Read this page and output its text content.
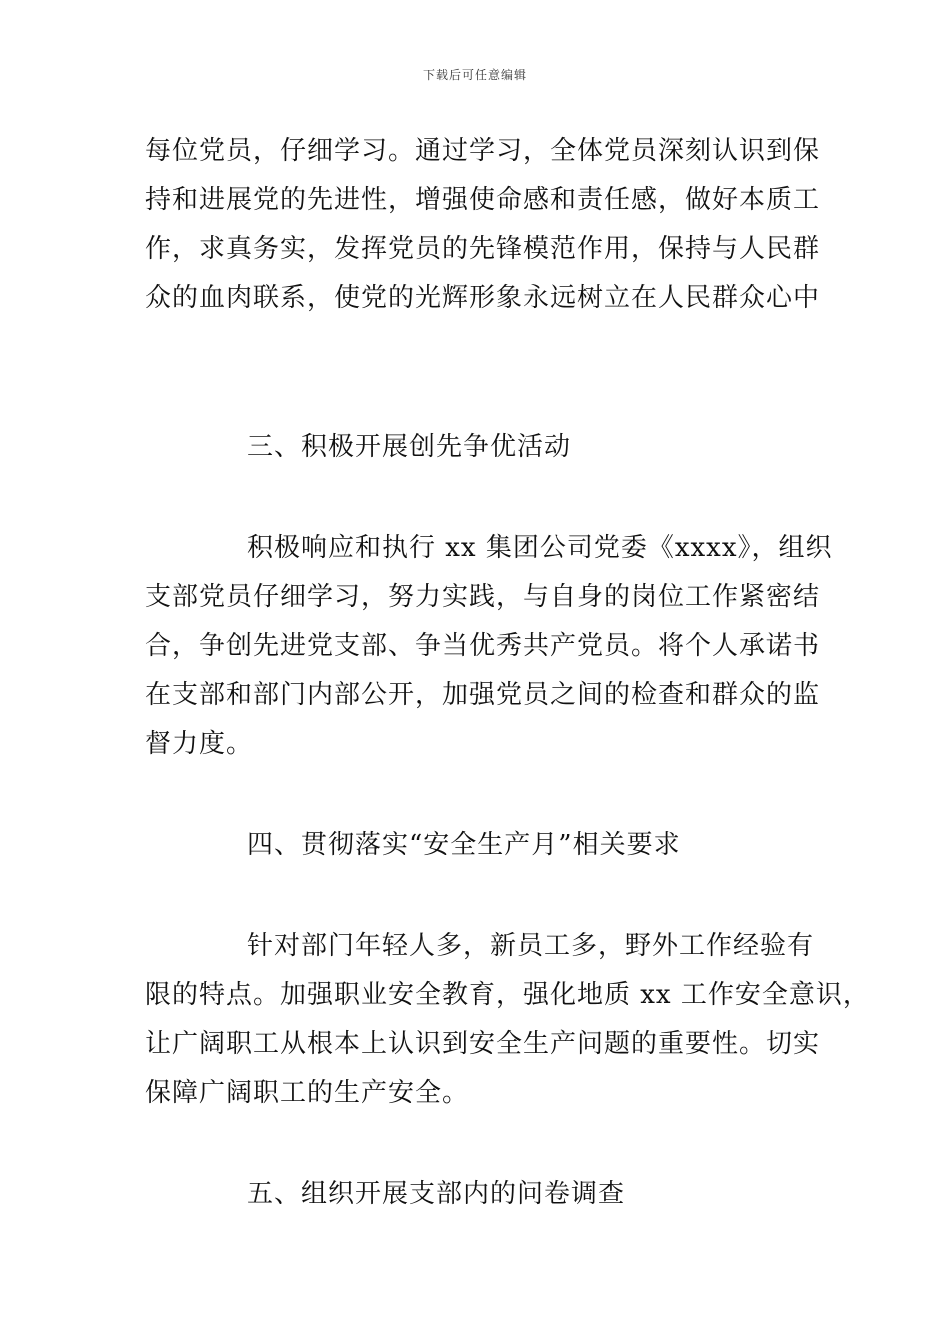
下载后可任意编辑
每位党员，仔细学习。通过学习，全体党员深刻认识到保
持和进展党的先进性，增强使命感和责任感，做好本质工
作，求真务实，发挥党员的先锋模范作用，保持与人民群
众的血肉联系，使党的光辉形象永远树立在人民群众心中
三、积极开展创先争优活动
积极响应和执行 xx 集团公司党委《xxxx》，组织
支部党员仔细学习，努力实践，与自身的岗位工作紧密结
合，争创先进党支部、争当优秀共产党员。将个人承诺书
在支部和部门内部公开，加强党员之间的检查和群众的监
督力度。
四、贯彻落实“安全生产月”相关要求
针对部门年轻人多，新员工多，野外工作经验有
限的特点。加强职业安全教育，强化地质 xx 工作安全意识，
让广阔职工从根本上认识到安全生产问题的重要性。切实
保障广阔职工的生产安全。
五、组织开展支部内的问卷调查
